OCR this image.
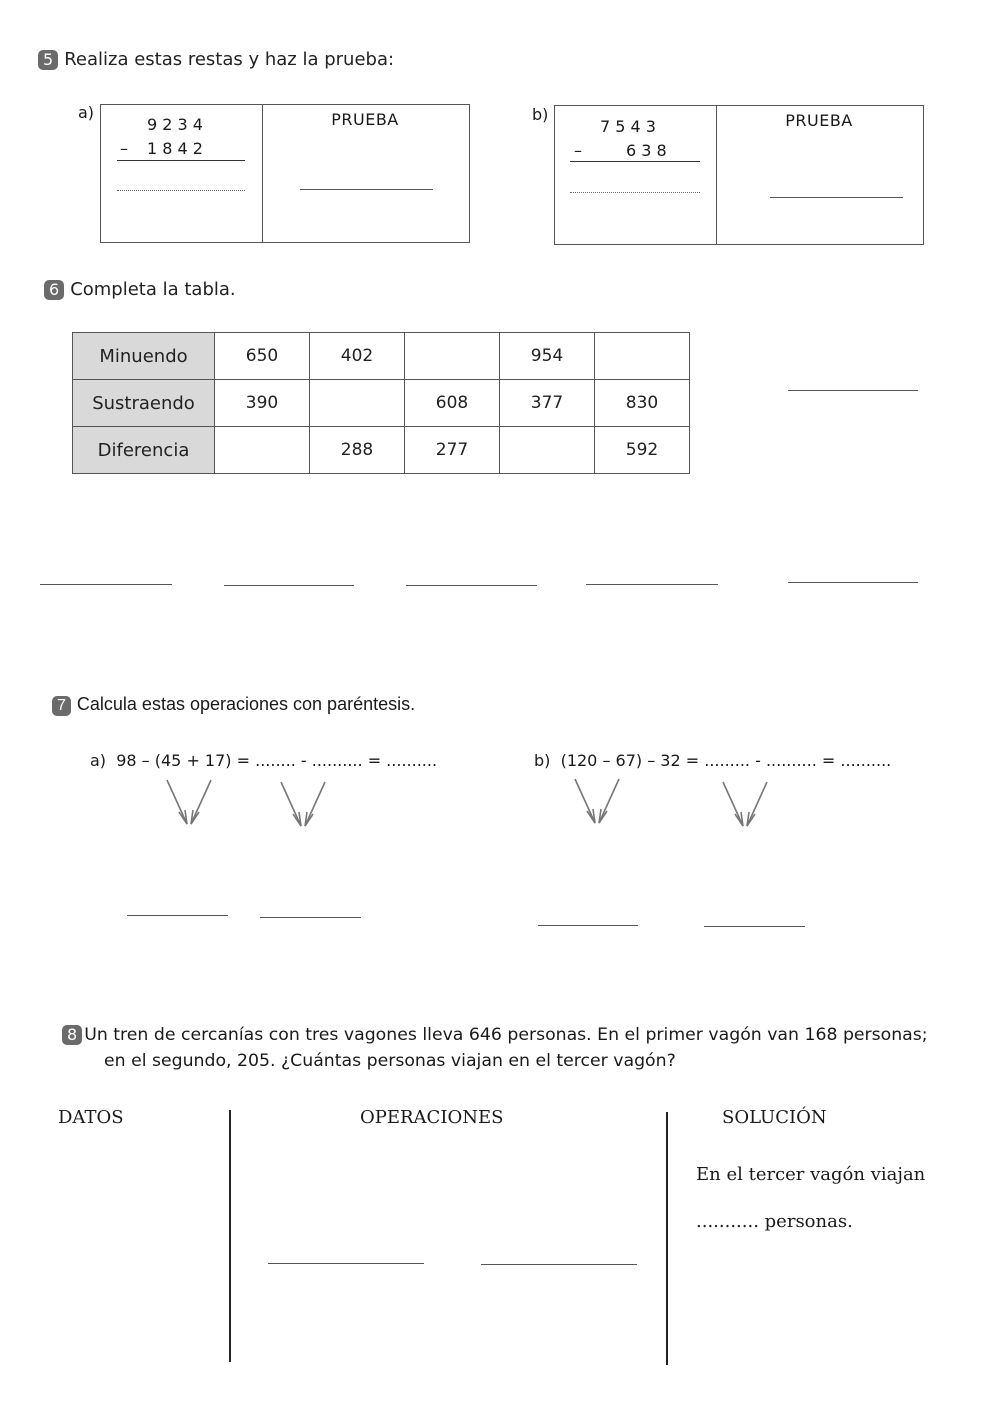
5 Realiza estas restas y haz la prueba:
a)
9 2 3 4
– 1 8 4 2
PRUEBA	b)
7 5 4 3
–	6 3 8
PRUEBA
6 Completa la tabla.
Minuendo	650	402		954	
Sustraendo	390		608	377	830
Diferencia		288	277		592
7 Calcula estas operaciones con paréntesis.
a)  98 – (45 + 17) = ........ - .......... = ..........	b)  (120 – 67) – 32 = ......... - .......... = ..........
8 Un tren de cercanías con tres vagones lleva 646 personas. En el primer vagón van 168 personas;
en el segundo, 205. ¿Cuántas personas viajan en el tercer vagón?
DATOS	OPERACIONES	SOLUCIÓN
En el tercer vagón viajan
........... personas.
